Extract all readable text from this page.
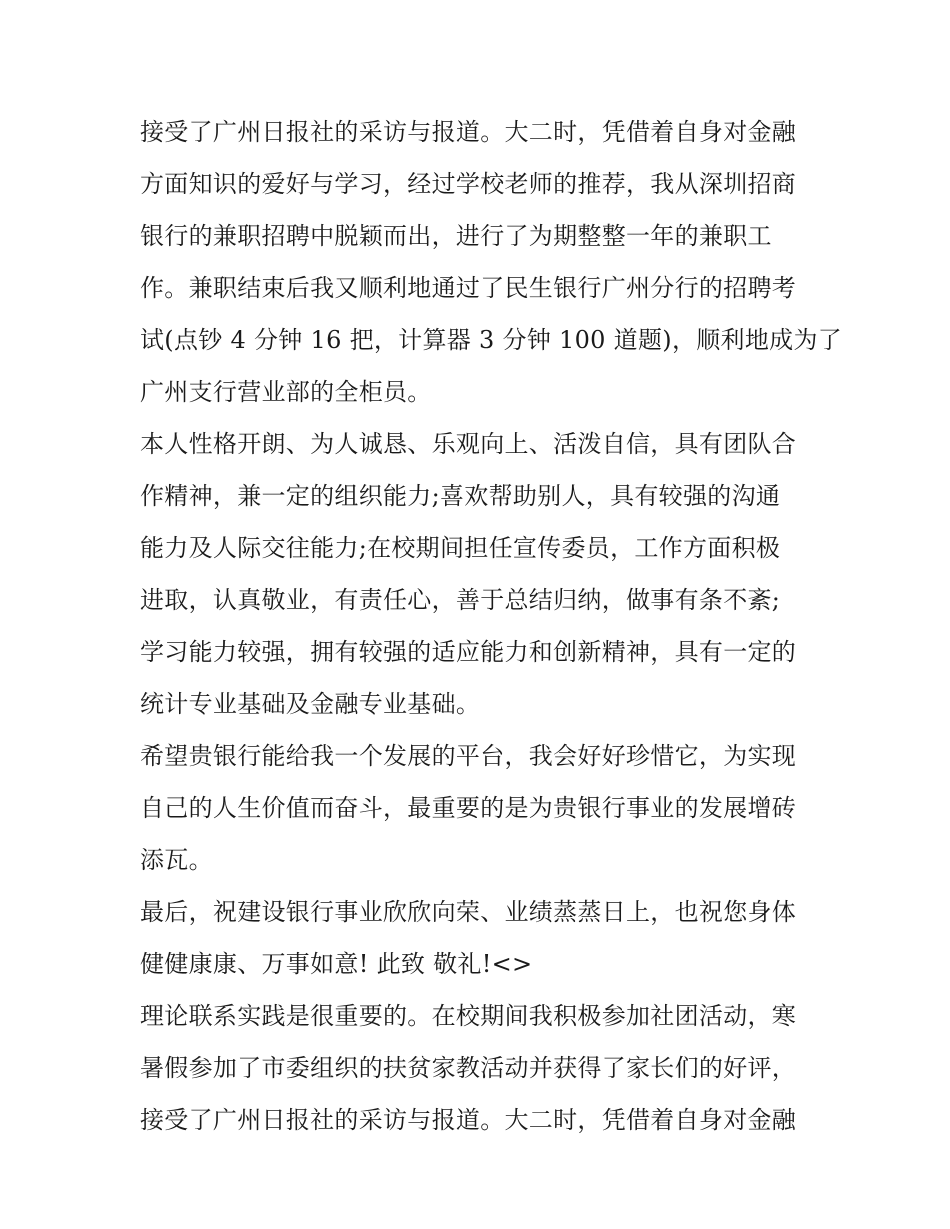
接受了广州日报社的采访与报道。大二时，凭借着自身对金融
方面知识的爱好与学习，经过学校老师的推荐，我从深圳招商
银行的兼职招聘中脱颖而出，进行了为期整整一年的兼职工
作。兼职结束后我又顺利地通过了民生银行广州分行的招聘考
试(点钞 4 分钟 16 把，计算器 3 分钟 100 道题)，顺利地成为了
广州支行营业部的全柜员。
本人性格开朗、为人诚恳、乐观向上、活泼自信，具有团队合
作精神，兼一定的组织能力;喜欢帮助别人，具有较强的沟通
能力及人际交往能力;在校期间担任宣传委员，工作方面积极
进取，认真敬业，有责任心，善于总结归纳，做事有条不紊;
学习能力较强，拥有较强的适应能力和创新精神，具有一定的
统计专业基础及金融专业基础。
希望贵银行能给我一个发展的平台，我会好好珍惜它，为实现
自己的人生价值而奋斗，最重要的是为贵银行事业的发展增砖
添瓦。
最后，祝建设银行事业欣欣向荣、业绩蒸蒸日上，也祝您身体
健健康康、万事如意! 此致 敬礼!<>
理论联系实践是很重要的。在校期间我积极参加社团活动，寒
暑假参加了市委组织的扶贫家教活动并获得了家长们的好评，
接受了广州日报社的采访与报道。大二时，凭借着自身对金融
